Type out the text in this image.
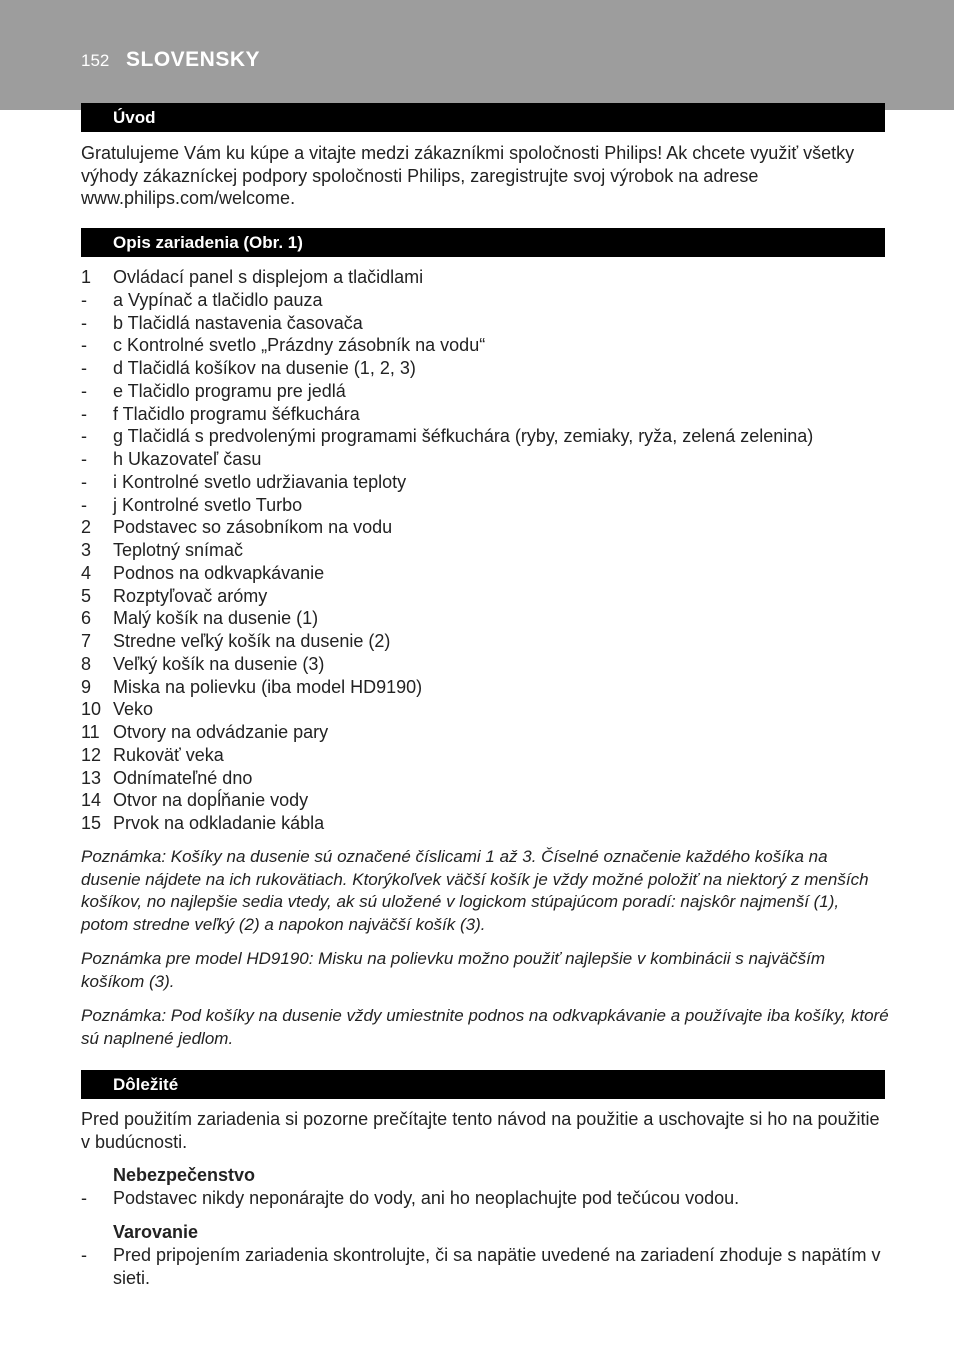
152 SLOVENSKY
Úvod

Gratulujeme Vám ku kúpe a vitajte medzi zákazníkmi spoločnosti Philips! Ak chcete využiť všetky výhody zákazníckej podpory spoločnosti Philips, zaregistrujte svoj výrobok na adrese www.philips.com/welcome.

Opis zariadenia (Obr. 1)
1	Ovládací panel s displejom a tlačidlami
-	a Vypínač a tlačidlo pauza
-	b Tlačidlá nastavenia časovača
-	c Kontrolné svetlo „Prázdny zásobník na vodu“
-	d Tlačidlá košíkov na dusenie (1, 2, 3)
-	e Tlačidlo programu pre jedlá
-	f Tlačidlo programu šéfkuchára
-	g Tlačidlá s predvolenými programami šéfkuchára (ryby, zemiaky, ryža, zelená zelenina)
-	h Ukazovateľ času
-	i Kontrolné svetlo udržiavania teploty
-	j Kontrolné svetlo Turbo
2	Podstavec so zásobníkom na vodu
3	Teplotný snímač
4	Podnos na odkvapkávanie
5	Rozptyľovač arómy
6	Malý košík na dusenie (1)
7	Stredne veľký košík na dusenie (2)
8	Veľký košík na dusenie (3)
9	Miska na polievku (iba model HD9190)
10 Veko
11 Otvory na odvádzanie pary
12 Rukoväť veka
13 Odnímateľné dno
14 Otvor na dopĺňanie vody
15 Prvok na odkladanie kábla

Poznámka: Košíky na dusenie sú označené číslicami 1 až 3. Číselné označenie každého košíka na dusenie nájdete na ich rukovätiach. Ktorýkoľvek väčší košík je vždy možné položiť na niektorý z menších košíkov, no najlepšie sedia vtedy, ak sú uložené v logickom stúpajúcom poradí: najskôr najmenší (1), potom stredne veľký (2) a napokon najväčší košík (3).

Poznámka pre model HD9190: Misku na polievku možno použiť najlepšie v kombinácii s najväčším košíkom (3).

Poznámka: Pod košíky na dusenie vždy umiestnite podnos na odkvapkávanie a používajte iba košíky, ktoré sú naplnené jedlom.

Dôležité

Pred použitím zariadenia si pozorne prečítajte tento návod na použitie a uschovajte si ho na použitie v budúcnosti.

Nebezpečenstvo

-	Podstavec nikdy neponárajte do vody, ani ho neoplachujte pod tečúcou vodou.

Varovanie

-	Pred pripojením zariadenia skontrolujte, či sa napätie uvedené na zariadení zhoduje s napätím v sieti.
